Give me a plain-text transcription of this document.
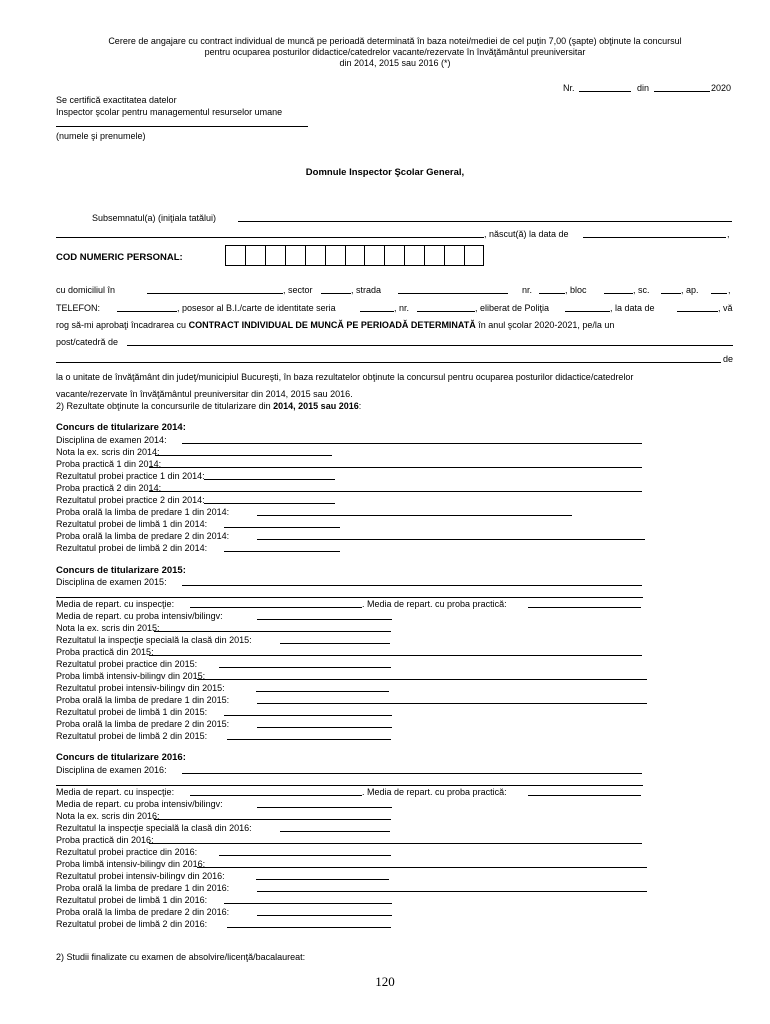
Cerere de angajare cu contract individual de muncă pe perioadă determinată în baza notei/mediei de cel puţin 7,00 (şapte) obţinute la concursul
pentru ocuparea posturilor didactice/catedrelor vacante/rezervate în învăţământul preuniversitar
din 2014, 2015 sau 2016 (*)
Nr.	din	2020
Se certifică exactitatea datelor
Inspector şcolar pentru managementul resurselor umane
(numele şi prenumele)
Domnule Inspector Şcolar General,
Subsemnatul(a) (iniţiala tatălui)
, născut(ă) la data de	,
COD NUMERIC PERSONAL:
cu domiciliul în	, sector	, strada	nr.	, bloc	, sc.	, ap.	,
TELEFON:	, posesor al B.I./carte de identitate seria	, nr.	, eliberat de Poliţia	, la data de	, vă
rog să-mi aprobaţi încadrarea cu CONTRACT INDIVIDUAL DE MUNCĂ PE PERIOADĂ DETERMINATĂ în anul şcolar 2020-2021, pe/la un
post/catedră de
de
la o unitate de învăţământ din judeţ/municipiul Bucureşti, în baza rezultatelor obţinute la concursul pentru ocuparea posturilor didactice/catedrelor
vacante/rezervate în învăţământul preuniversitar din 2014, 2015 sau 2016.
2) Rezultate obţinute la concursurile de titularizare din 2014, 2015 sau 2016:
Concurs de titularizare 2014:
Disciplina de examen 2014:
Nota la ex. scris din 2014:
Proba practică 1 din 2014:
Rezultatul probei practice 1 din 2014:
Proba practică 2 din 2014:
Rezultatul probei practice 2 din 2014:
Proba orală la limba de predare 1 din 2014:
Rezultatul probei de limbă 1 din 2014:
Proba orală la limba de predare 2 din 2014:
Rezultatul probei de limbă 2 din 2014:
Concurs de titularizare 2015:
Disciplina de examen 2015:
Media de repart. cu inspecţie:	. Media de repart. cu proba practică:
Media de repart. cu proba intensiv/bilingv:
Nota la ex. scris din 2015:
Rezultatul la inspecţie specială la clasă din 2015:
Proba practică din 2015:
Rezultatul probei practice din 2015:
Proba limbă intensiv-bilingv din 2015:
Rezultatul probei intensiv-bilingv din 2015:
Proba orală la limba de predare 1 din 2015:
Rezultatul probei de limbă 1 din 2015:
Proba orală la limba de predare 2 din 2015:
Rezultatul probei de limbă 2 din 2015:
Concurs de titularizare 2016:
Disciplina de examen 2016:
Media de repart. cu inspecţie:	. Media de repart. cu proba practică:
Media de repart. cu proba intensiv/bilingv:
Nota la ex. scris din 2016:
Rezultatul la inspecţie specială la clasă din 2016:
Proba practică din 2016:
Rezultatul probei practice din 2016:
Proba limbă intensiv-bilingv din 2016:
Rezultatul probei intensiv-bilingv din 2016:
Proba orală la limba de predare 1 din 2016:
Rezultatul probei de limbă 1 din 2016:
Proba orală la limba de predare 2 din 2016:
Rezultatul probei de limbă 2 din 2016:
2) Studii finalizate cu examen de absolvire/licenţă/bacalaureat:
120
